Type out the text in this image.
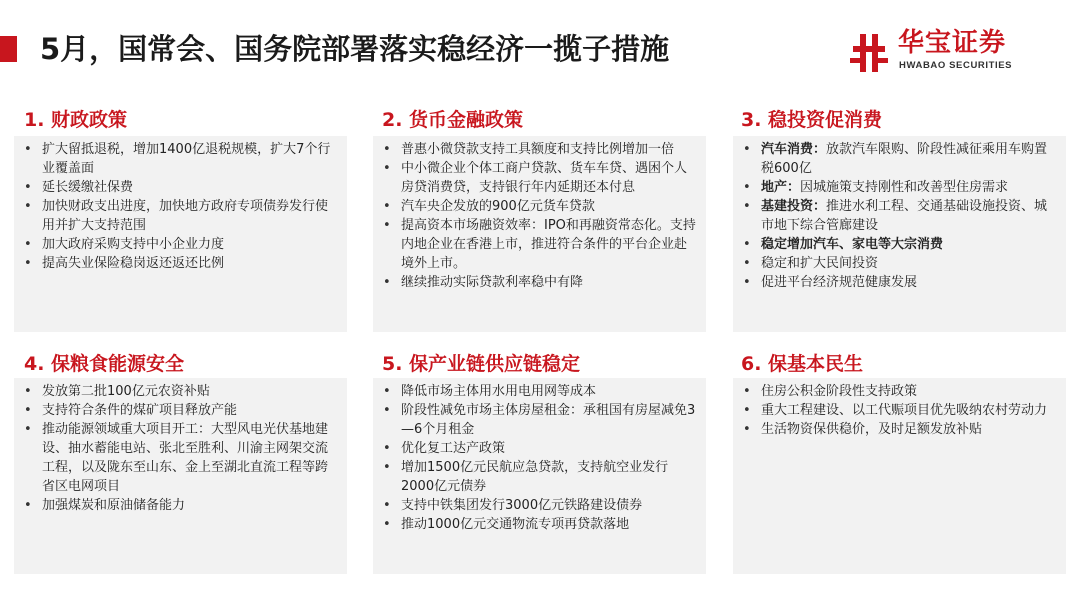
5月，国常会、国务院部署落实稳经济一揽子措施	华宝证券
HWABAO SECURITIES
1. 财政政策
• 扩大留抵退税，增加1400亿退税规模，扩大7个行业覆盖面
• 延长缓缴社保费
• 加快财政支出进度，加快地方政府专项债券发行使用并扩大支持范围
• 加大政府采购支持中小企业力度
• 提高失业保险稳岗返还返还比例
2. 货币金融政策
• 普惠小微贷款支持工具额度和支持比例增加一倍
• 中小微企业个体工商户贷款、货车车贷、遇困个人房贷消费贷，支持银行年内延期还本付息
• 汽车央企发放的900亿元货车贷款
• 提高资本市场融资效率：IPO和再融资常态化。支持内地企业在香港上市，推进符合条件的平台企业赴境外上市。
• 继续推动实际贷款利率稳中有降
3. 稳投资促消费
• 汽车消费：放款汽车限购、阶段性减征乘用车购置税600亿
• 地产：因城施策支持刚性和改善型住房需求
• 基建投资：推进水利工程、交通基础设施投资、城市地下综合管廊建设
• 稳定增加汽车、家电等大宗消费
• 稳定和扩大民间投资
• 促进平台经济规范健康发展
4. 保粮食能源安全
• 发放第二批100亿元农资补贴
• 支持符合条件的煤矿项目释放产能
• 推动能源领域重大项目开工：大型风电光伏基地建设、抽水蓄能电站、张北至胜利、川渝主网架交流工程，以及陇东至山东、金上至湖北直流工程等跨省区电网项目
• 加强煤炭和原油储备能力
5. 保产业链供应链稳定
• 降低市场主体用水用电用网等成本
• 阶段性减免市场主体房屋租金：承租国有房屋减免3—6个月租金
• 优化复工达产政策
• 增加1500亿元民航应急贷款，支持航空业发行2000亿元债券
• 支持中铁集团发行3000亿元铁路建设债券
• 推动1000亿元交通物流专项再贷款落地
6. 保基本民生
• 住房公积金阶段性支持政策
• 重大工程建设、以工代赈项目优先吸纳农村劳动力
• 生活物资保供稳价，及时足额发放补贴
